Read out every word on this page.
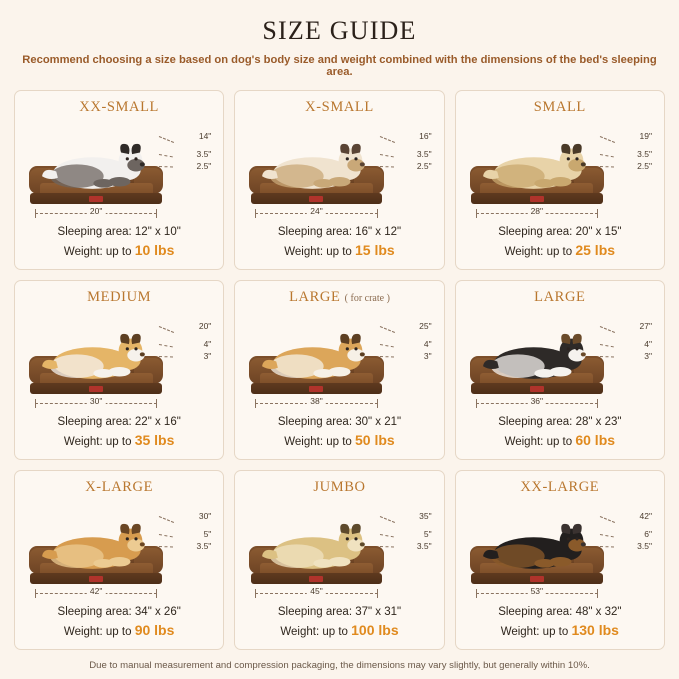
SIZE GUIDE
Recommend choosing a size based on dog's body size and weight combined with the dimensions of the bed's sleeping area.
XX-SMALL
14"
3.5"
2.5"
20"
Sleeping area: 12" x 10"
Weight: up to 10 lbs
X-SMALL
16"
3.5"
2.5"
24"
Sleeping area: 16" x 12"
Weight: up to 15 lbs
SMALL
19"
3.5"
2.5"
28"
Sleeping area: 20" x 15"
Weight: up to 25 lbs
MEDIUM
20"
4"
3"
30"
Sleeping area: 22" x 16"
Weight: up to 35 lbs
LARGE ( for crate )
25"
4"
3"
38"
Sleeping area: 30" x 21"
Weight: up to 50 lbs
LARGE
27"
4"
3"
36"
Sleeping area: 28" x 23"
Weight: up to 60 lbs
X-LARGE
30"
5"
3.5"
42"
Sleeping area: 34" x 26"
Weight: up to 90 lbs
JUMBO
35"
5"
3.5"
45"
Sleeping area: 37" x 31"
Weight: up to 100 lbs
XX-LARGE
42"
6"
3.5"
53"
Sleeping area: 48" x 32"
Weight: up to 130 lbs
Due to manual measurement and compression packaging, the dimensions may vary slightly, but generally within 10%.
